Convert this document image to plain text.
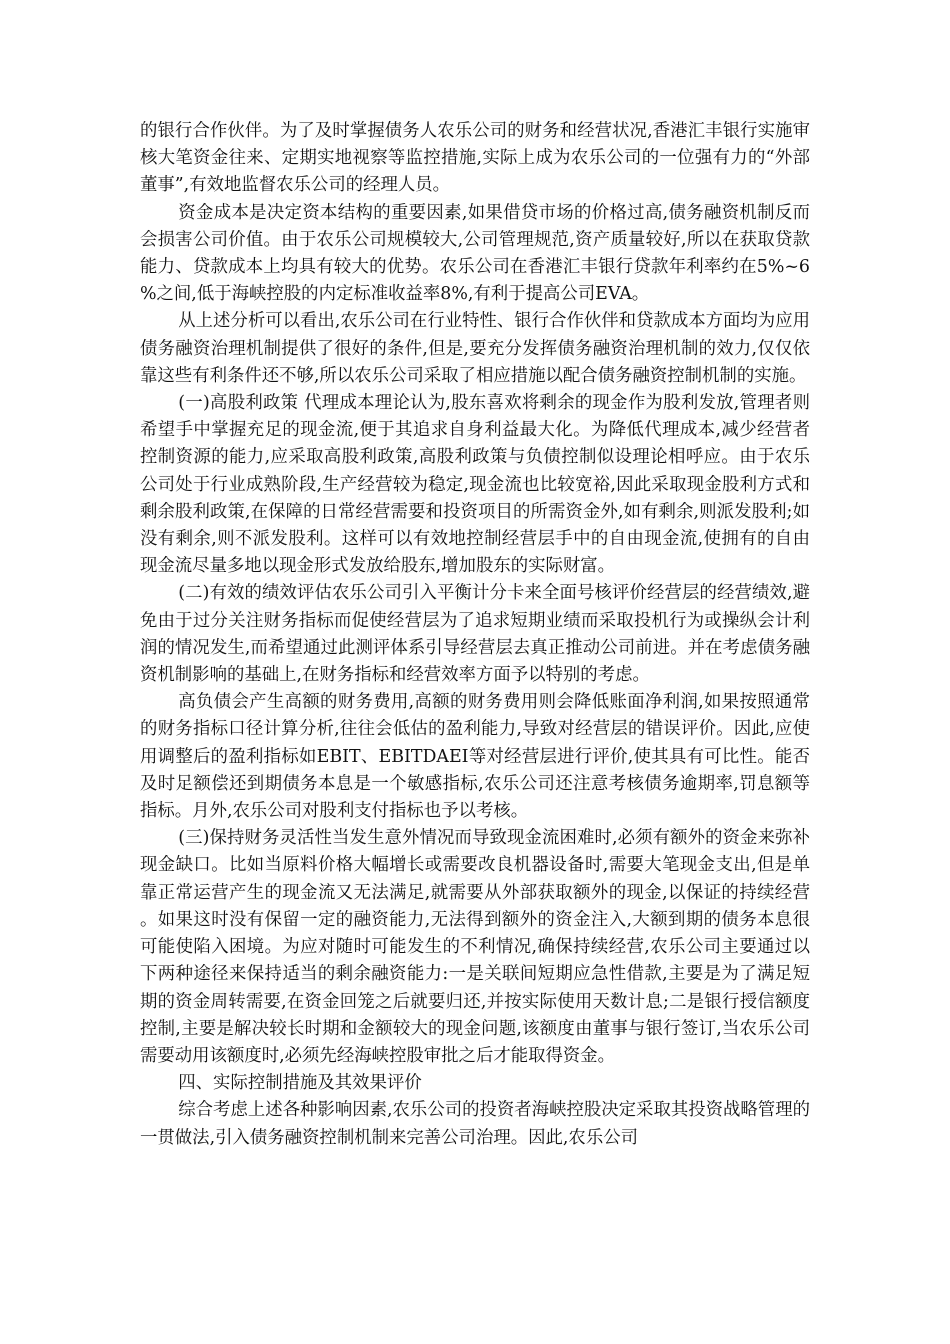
的银行合作伙伴。为了及时掌握债务人农乐公司的财务和经营状况,香港汇丰银行实施审核大笔资金往来、定期实地视察等监控措施,实际上成为农乐公司的一位强有力的“外部董事”,有效地监督农乐公司的经理人员。

资金成本是决定资本结构的重要因素,如果借贷市场的价格过高,债务融资机制反而会损害公司价值。由于农乐公司规模较大,公司管理规范,资产质量较好,所以在获取贷款能力、贷款成本上均具有较大的优势。农乐公司在香港汇丰银行贷款年利率约在5%~6%之间,低于海峡控股的内定标准收益率8%,有利于提高公司EVA。

从上述分析可以看出,农乐公司在行业特性、银行合作伙伴和贷款成本方面均为应用债务融资治理机制提供了很好的条件,但是,要充分发挥债务融资治理机制的效力,仅仅依靠这些有利条件还不够,所以农乐公司采取了相应措施以配合债务融资控制机制的实施。

(一)高股利政策 代理成本理论认为,股东喜欢将剩余的现金作为股利发放,管理者则希望手中掌握充足的现金流,便于其追求自身利益最大化。为降低代理成本,减少经营者控制资源的能力,应采取高股利政策,高股利政策与负债控制似设理论相呼应。由于农乐公司处于行业成熟阶段,生产经营较为稳定,现金流也比较宽裕,因此采取现金股利方式和剩余股利政策,在保障的日常经营需要和投资项目的所需资金外,如有剩余,则派发股利;如没有剩余,则不派发股利。这样可以有效地控制经营层手中的自由现金流,使拥有的自由现金流尽量多地以现金形式发放给股东,增加股东的实际财富。

(二)有效的绩效评估农乐公司引入平衡计分卡来全面号核评价经营层的经营绩效,避免由于过分关注财务指标而促使经营层为了追求短期业绩而采取投机行为或操纵会计利润的情况发生,而希望通过此测评体系引导经营层去真正推动公司前进。并在考虑债务融资机制影响的基础上,在财务指标和经营效率方面予以特别的考虑。

高负债会产生高额的财务费用,高额的财务费用则会降低账面净利润,如果按照通常的财务指标口径计算分析,往往会低估的盈利能力,导致对经营层的错误评价。因此,应使用调整后的盈利指标如EBIT、EBITDAEI等对经营层进行评价,使其具有可比性。能否及时足额偿还到期债务本息是一个敏感指标,农乐公司还注意考核债务逾期率,罚息额等指标。月外,农乐公司对股利支付指标也予以考核。

(三)保持财务灵活性当发生意外情况而导致现金流困难时,必须有额外的资金来弥补现金缺口。比如当原料价格大幅增长或需要改良机器设备时,需要大笔现金支出,但是单靠正常运营产生的现金流又无法满足,就需要从外部获取额外的现金,以保证的持续经营。如果这时没有保留一定的融资能力,无法得到额外的资金注入,大额到期的债务本息很可能使陷入困境。为应对随时可能发生的不利情况,确保持续经营,农乐公司主要通过以下两种途径来保持适当的剩余融资能力:一是关联间短期应急性借款,主要是为了满足短期的资金周转需要,在资金回笼之后就要归还,并按实际使用天数计息;二是银行授信额度控制,主要是解决较长时期和金额较大的现金问题,该额度由董事与银行签订,当农乐公司需要动用该额度时,必须先经海峡控股审批之后才能取得资金。

四、实际控制措施及其效果评价

综合考虑上述各种影响因素,农乐公司的投资者海峡控股决定采取其投资战略管理的一贯做法,引入债务融资控制机制来完善公司治理。因此,农乐公司
